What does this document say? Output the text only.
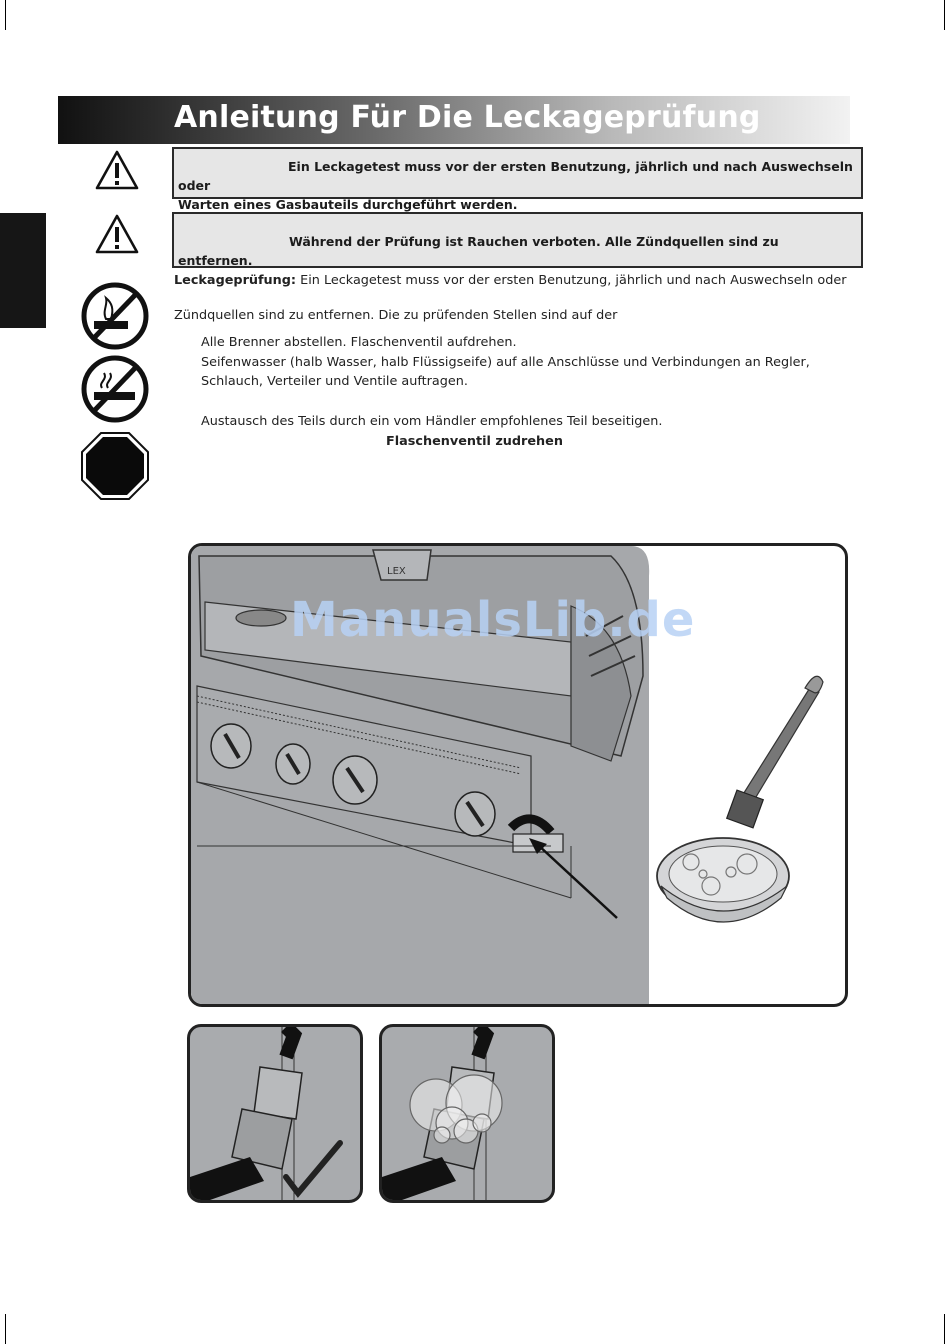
Anleitung Für Die Leckageprüfung
Ein Leckagetest muss vor der ersten Benutzung, jährlich und nach Auswechseln oder
Warten eines Gasbauteils durchgeführt werden.
Während der Prüfung ist Rauchen verboten. Alle Zündquellen sind zu entfernen.
Leckageprüfung: Ein Leckagetest muss vor der ersten Benutzung, jährlich und nach Auswechseln oder
Zündquellen sind zu entfernen. Die zu prüfenden Stellen sind auf der
Alle Brenner abstellen. Flaschenventil aufdrehen.
Seifenwasser (halb Wasser, halb Flüssigseife) auf alle Anschlüsse und Verbindungen an Regler,
Schlauch, Verteiler und Ventile auftragen.
Austausch des Teils durch ein vom Händler empfohlenes Teil beseitigen.
Flaschenventil zudrehen
LEX
ManualsLib.de
